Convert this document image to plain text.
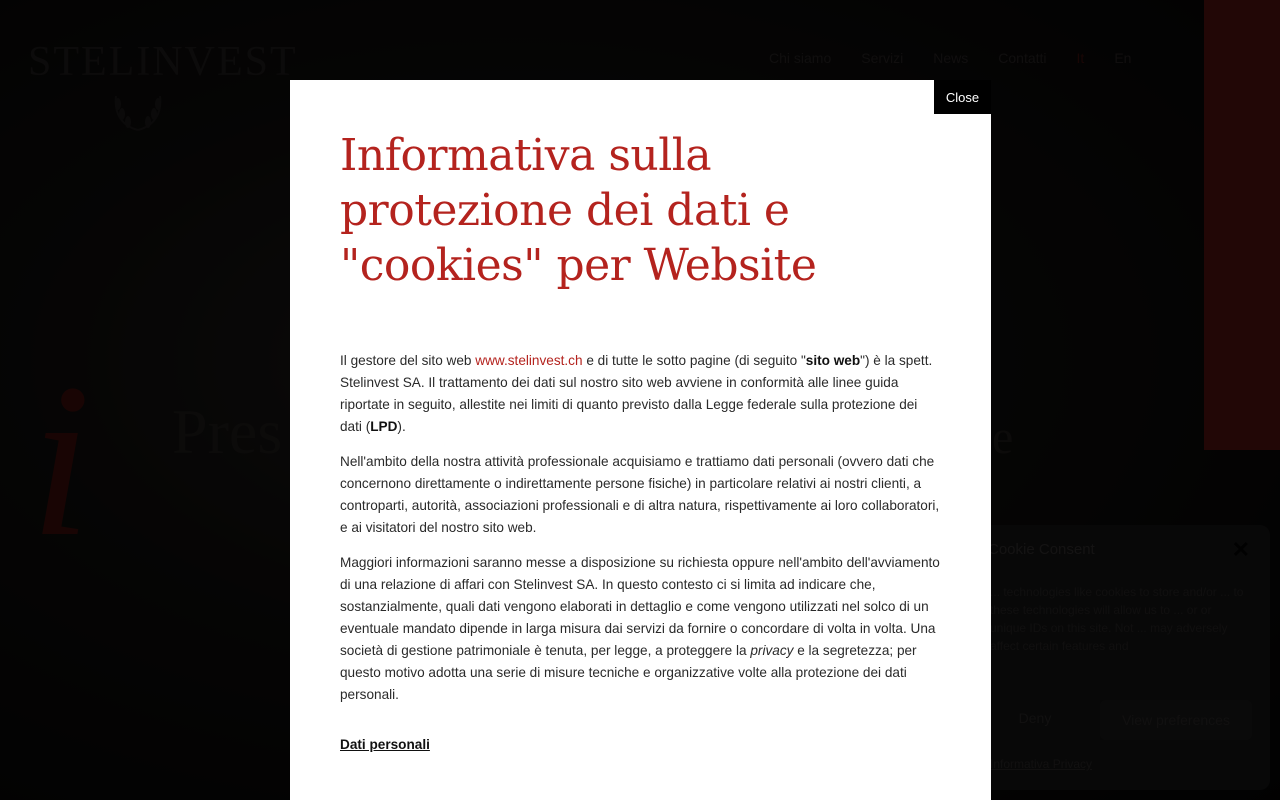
Close
Informativa sulla protezione dei dati e "cookies" per Website

Il gestore del sito web www.stelinvest.ch e di tutte le sotto pagine (di seguito "sito web") è la spett. Stelinvest SA. Il trattamento dei dati sul nostro sito web avviene in conformità alle linee guida riportate in seguito, allestite nei limiti di quanto previsto dalla Legge federale sulla protezione dei dati (LPD).

Nell'ambito della nostra attività professionale acquisiamo e trattiamo dati personali (ovvero dati che concernono direttamente o indirettamente persone fisiche) in particolare relativi ai nostri clienti, a controparti, autorità, associazioni professionali e di altra natura, rispettivamente ai loro collaboratori, e ai visitatori del nostro sito web.

Maggiori informazioni saranno messe a disposizione su richiesta oppure nell'ambito dell'avviamento di una relazione di affari con Stelinvest SA. In questo contesto ci si limita ad indicare che, sostanzialmente, quali dati vengono elaborati in dettaglio e come vengono utilizzati nel solco di un eventuale mandato dipende in larga misura dai servizi da fornire o concordare di volta in volta. Una società di gestione patrimoniale è tenuta, per legge, a proteggere la privacy e la segretezza; per questo motivo adotta una serie di misure tecniche e organizzative volte alla protezione dei dati personali.

Dati personali
